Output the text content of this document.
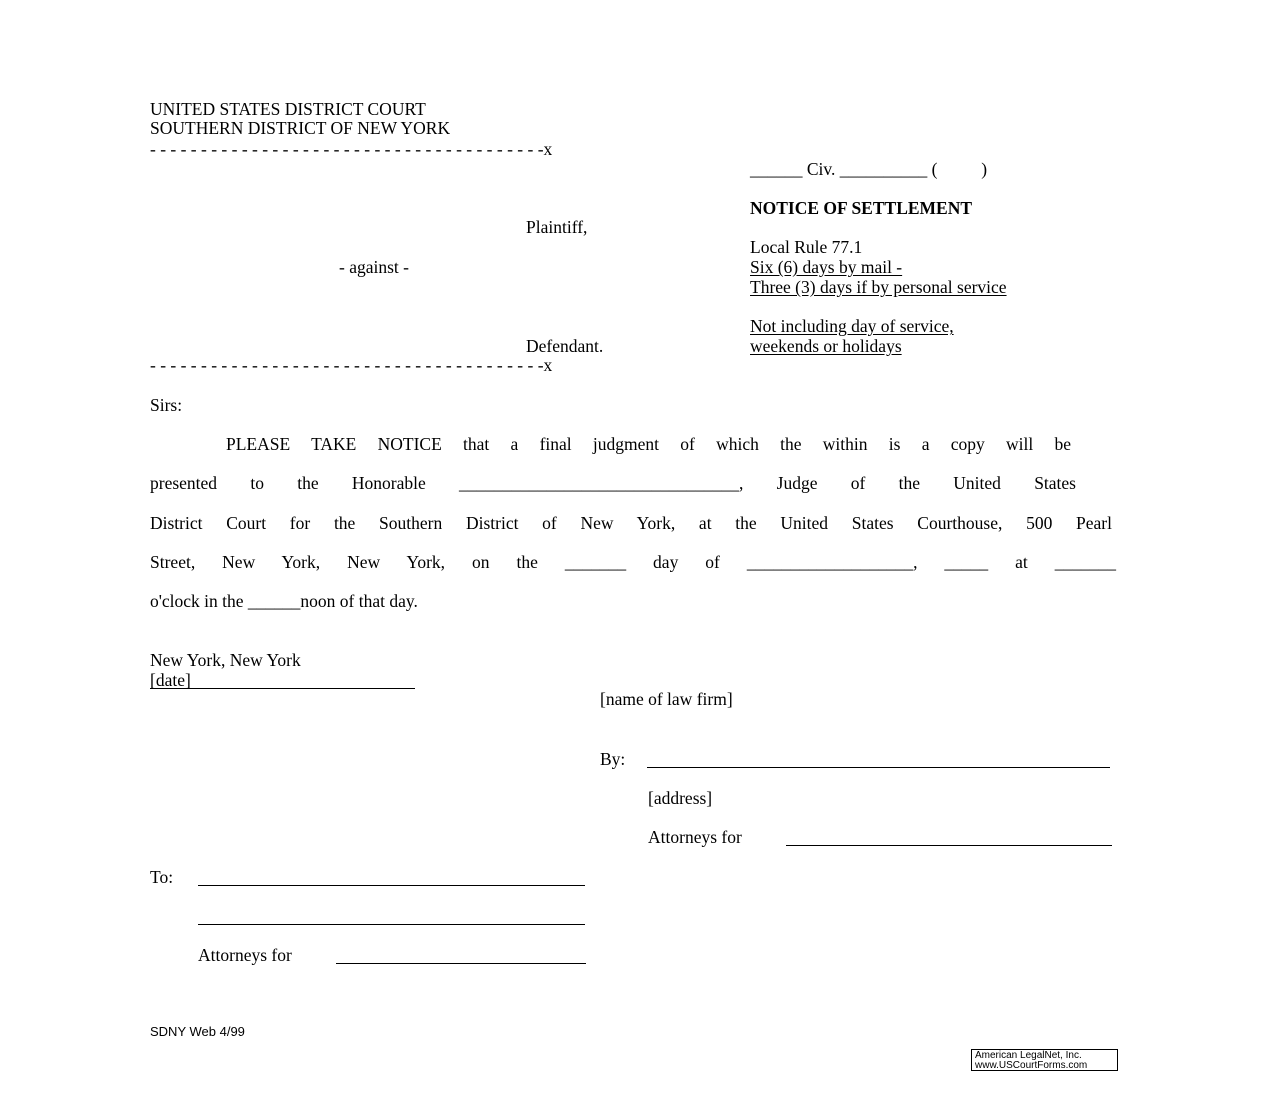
UNITED STATES DISTRICT COURT
SOUTHERN DISTRICT OF NEW YORK
- - - - - - - - - - - - - - - - - - - - - - - - - - - - - - - - - - - - - - -x
Plaintiff,
- against -
Defendant.
- - - - - - - - - - - - - - - - - - - - - - - - - - - - - - - - - - - - - - -x
______ Civ. __________ (          )
NOTICE OF SETTLEMENT
Local Rule 77.1
Six (6) days by mail -
Three (3) days if by personal service
Not including day of service,
weekends or holidays
Sirs:
PLEASE TAKE NOTICE that a final judgment of which the within is a copy will be
presented to the Honorable ________________________________, Judge of the United States
District Court for the Southern District of New York, at the United States Courthouse, 500 Pearl
Street, New York, New York, on the _______ day of ___________________, _____ at _______
o'clock in the ______noon of that day.
New York, New York
[date]
[name of law firm]
By:
[address]
Attorneys for
To:
Attorneys for
SDNY Web 4/99
American LegalNet, Inc.
www.USCourtForms.com
